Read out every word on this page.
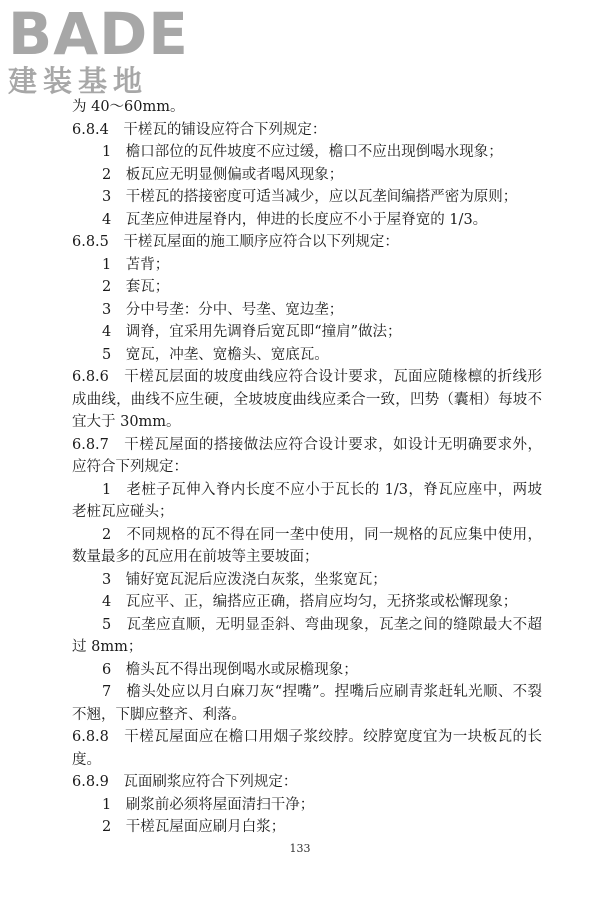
BADE
建装基地
为 40～60mm。
6.8.4　干槎瓦的铺设应符合下列规定：
1　檐口部位的瓦件坡度不应过缓，檐口不应出现倒喝水现象；
2　板瓦应无明显侧偏或者喝风现象；
3　干槎瓦的搭接密度可适当减少，应以瓦垄间编搭严密为原则；
4　瓦垄应伸进屋脊内，伸进的长度应不小于屋脊宽的 1/3。
6.8.5　干槎瓦屋面的施工顺序应符合以下列规定：
1　苫背；
2　套瓦；
3　分中号垄：分中、号垄、宽边垄；
4　调脊，宜采用先调脊后宽瓦即“撞肩”做法；
5　宽瓦，冲垄、宽檐头、宽底瓦。
6.8.6　干槎瓦层面的坡度曲线应符合设计要求，瓦面应随椽檩的折线形成曲线，曲线不应生硬，全坡坡度曲线应柔合一致，凹势（囊相）每坡不宜大于 30mm。
6.8.7　干槎瓦屋面的搭接做法应符合设计要求，如设计无明确要求外，应符合下列规定：
1　老桩子瓦伸入脊内长度不应小于瓦长的 1/3，脊瓦应座中，两坡老桩瓦应碰头；
2　不同规格的瓦不得在同一垄中使用，同一规格的瓦应集中使用，数量最多的瓦应用在前坡等主要坡面；
3　铺好宽瓦泥后应泼浇白灰浆，坐浆宽瓦；
4　瓦应平、正，编搭应正确，搭肩应均匀，无挤浆或松懈现象；
5　瓦垄应直顺，无明显歪斜、弯曲现象，瓦垄之间的缝隙最大不超过 8mm；
6　檐头瓦不得出现倒喝水或尿檐现象；
7　檐头处应以月白麻刀灰“捏嘴”。捏嘴后应刷青浆赶轧光顺、不裂不翘，下脚应整齐、利落。
6.8.8　干槎瓦屋面应在檐口用烟子浆绞脖。绞脖宽度宜为一块板瓦的长度。
6.8.9　瓦面刷浆应符合下列规定：
1　刷浆前必须将屋面清扫干净；
2　干槎瓦屋面应刷月白浆；
133
